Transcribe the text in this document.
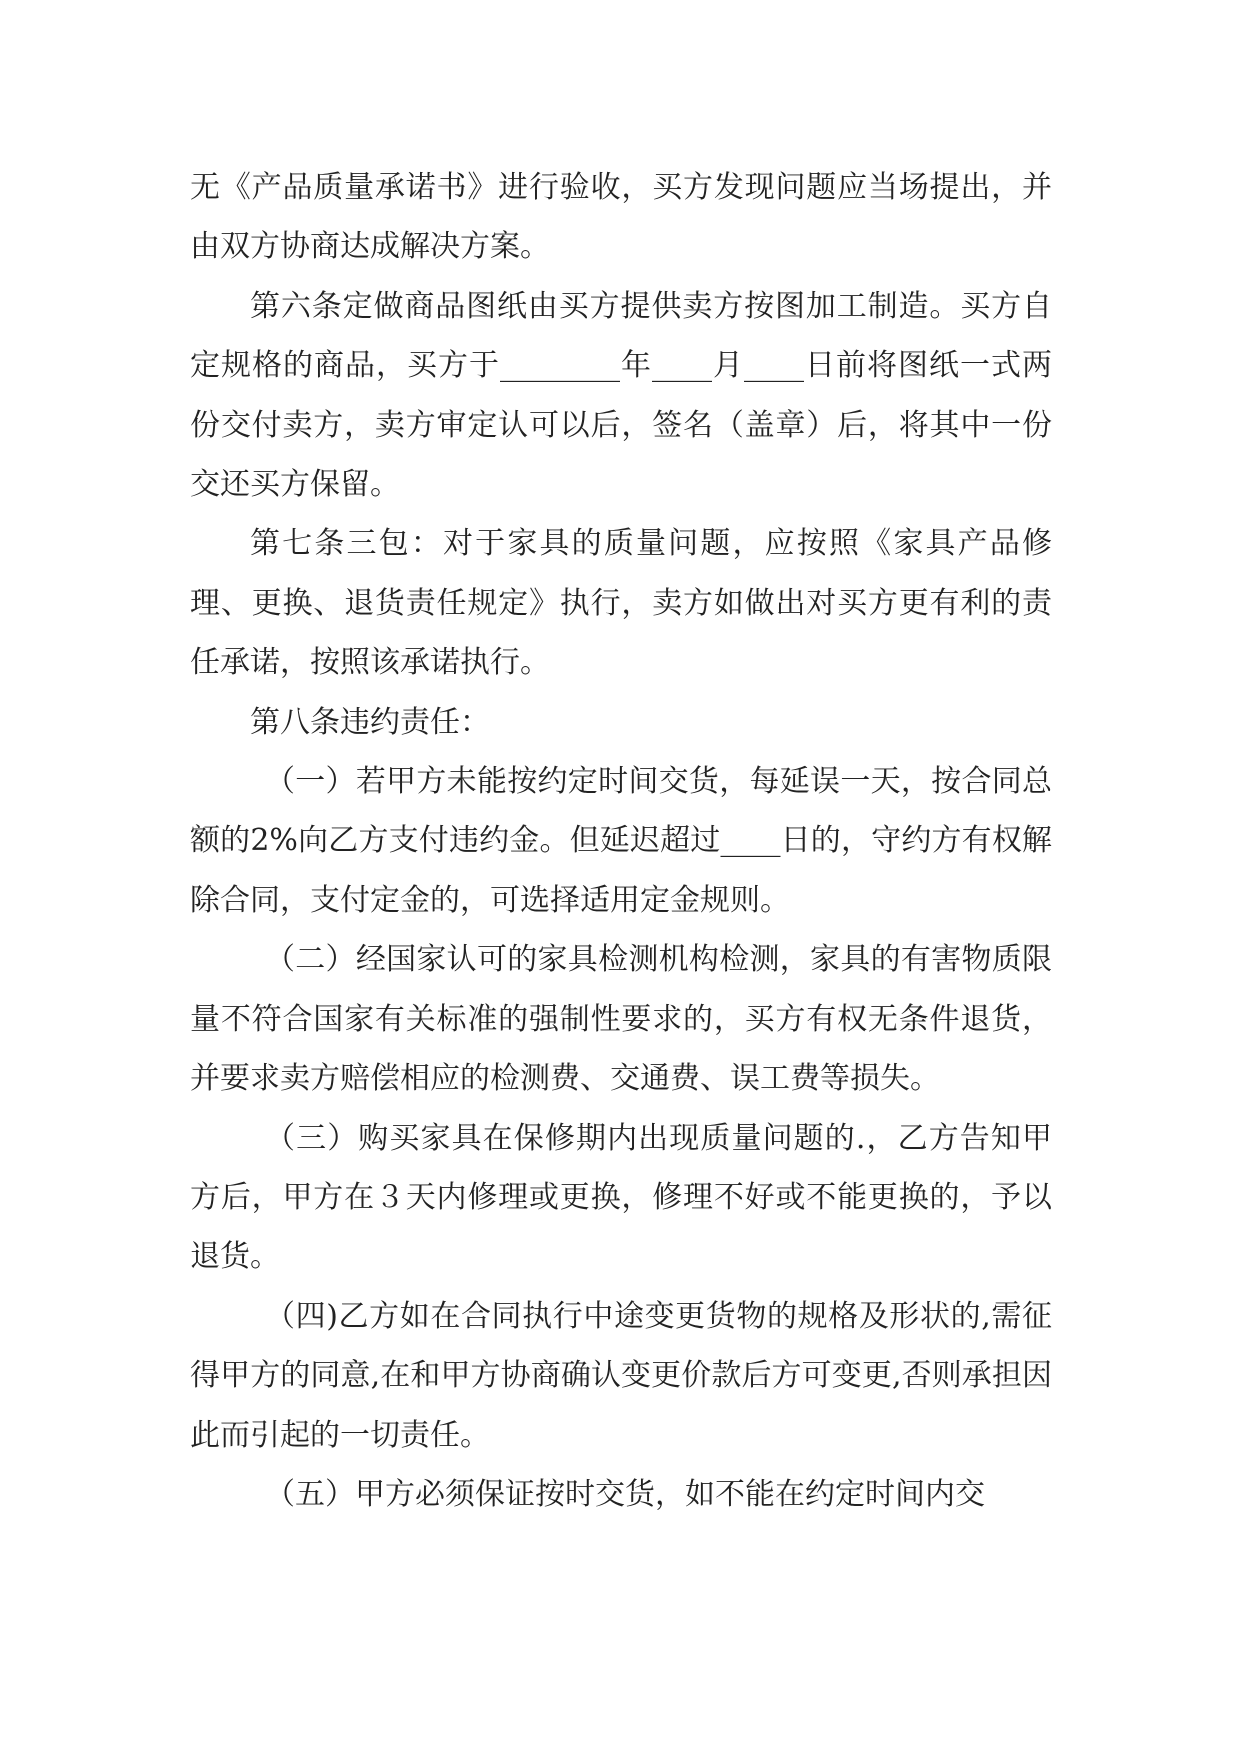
无《产品质量承诺书》进行验收，买方发现问题应当场提出，并由双方协商达成解决方案。

第六条定做商品图纸由买方提供卖方按图加工制造。买方自定规格的商品，买方于________年____月____日前将图纸一式两份交付卖方，卖方审定认可以后，签名（盖章）后，将其中一份交还买方保留。

第七条三包：对于家具的质量问题，应按照《家具产品修理、更换、退货责任规定》执行，卖方如做出对买方更有利的责任承诺，按照该承诺执行。

第八条违约责任：

（一）若甲方未能按约定时间交货，每延误一天，按合同总额的2%向乙方支付违约金。但延迟超过____日的，守约方有权解除合同，支付定金的，可选择适用定金规则。

（二）经国家认可的家具检测机构检测，家具的有害物质限量不符合国家有关标准的强制性要求的，买方有权无条件退货，并要求卖方赔偿相应的检测费、交通费、误工费等损失。

（三）购买家具在保修期内出现质量问题的.，乙方告知甲方后，甲方在３天内修理或更换，修理不好或不能更换的，予以退货。

（四)乙方如在合同执行中途变更货物的规格及形状的,需征得甲方的同意,在和甲方协商确认变更价款后方可变更,否则承担因此而引起的一切责任。

（五）甲方必须保证按时交货，如不能在约定时间内交
